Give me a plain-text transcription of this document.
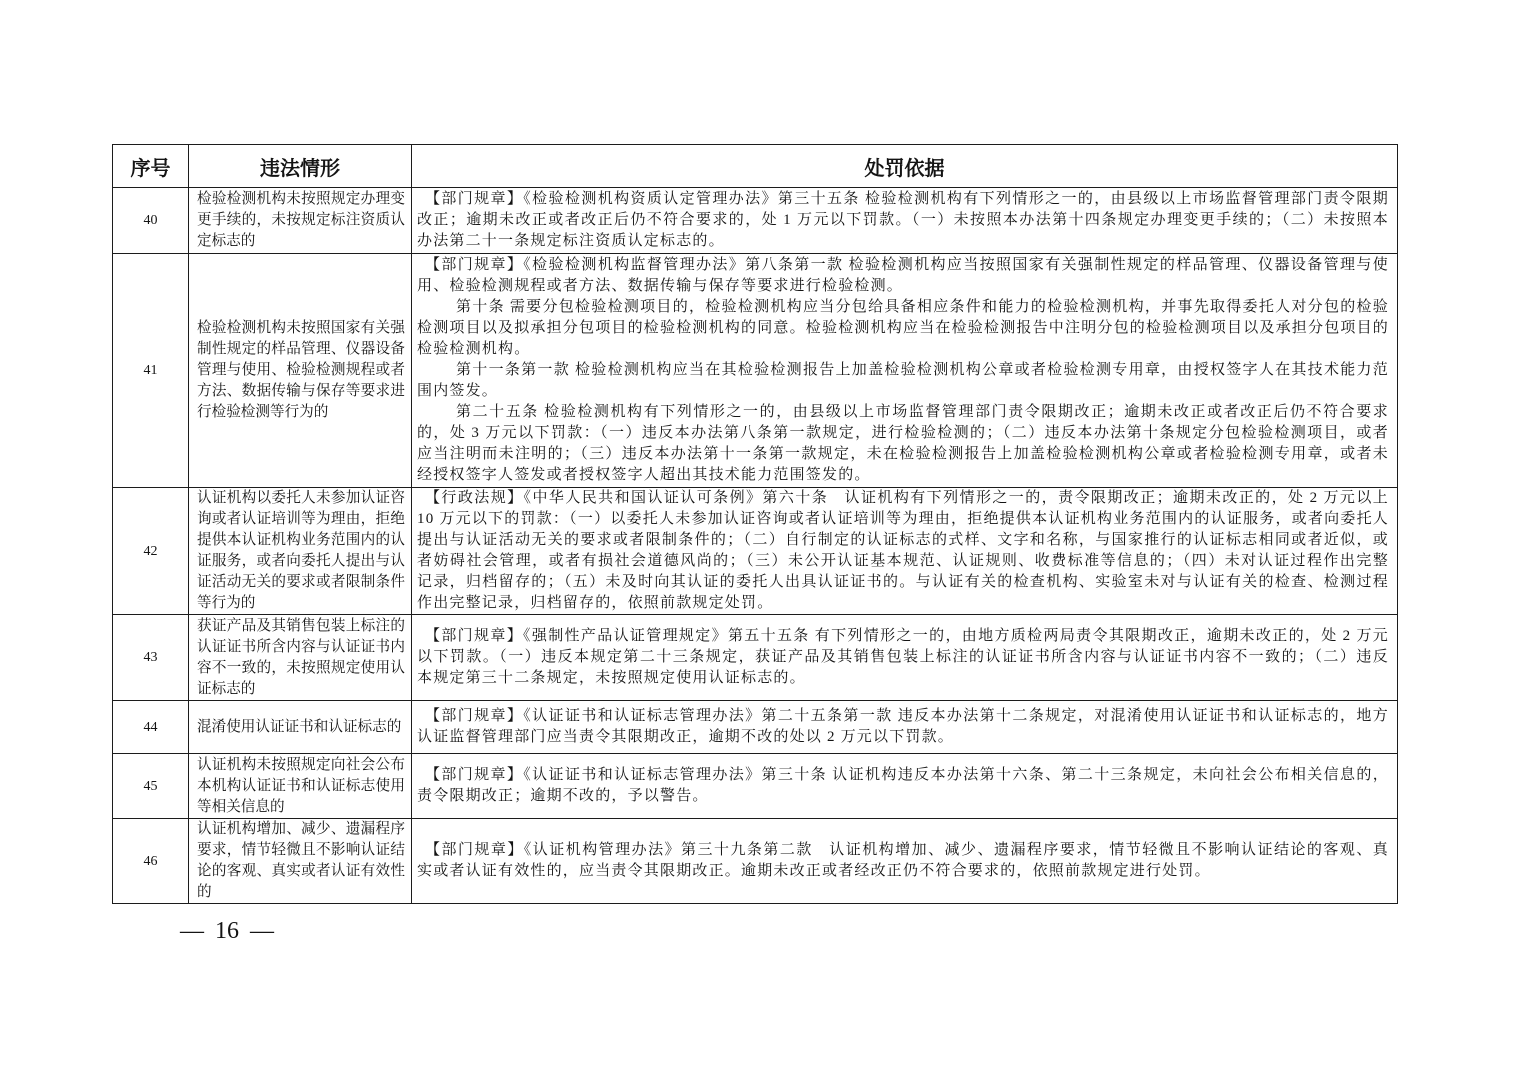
序号	违法情形	处罚依据
40	检验检测机构未按照规定办理变更手续的，未按规定标注资质认定标志的	【部门规章】《检验检测机构资质认定管理办法》第三十五条 检验检测机构有下列情形之一的，由县级以上市场监督管理部门责令限期改正；逾期未改正或者改正后仍不符合要求的，处 1 万元以下罚款。（一）未按照本办法第十四条规定办理变更手续的；（二）未按照本办法第二十一条规定标注资质认定标志的。

41	检验检测机构未按照国家有关强制性规定的样品管理、仪器设备管理与使用、检验检测规程或者方法、数据传输与保存等要求进行检验检测等行为的	【部门规章】《检验检测机构监督管理办法》第八条第一款 检验检测机构应当按照国家有关强制性规定的样品管理、仪器设备管理与使用、检验检测规程或者方法、数据传输与保存等要求进行检验检测。

第十条 需要分包检验检测项目的，检验检测机构应当分包给具备相应条件和能力的检验检测机构，并事先取得委托人对分包的检验检测项目以及拟承担分包项目的检验检测机构的同意。检验检测机构应当在检验检测报告中注明分包的检验检测项目以及承担分包项目的检验检测机构。

第十一条第一款 检验检测机构应当在其检验检测报告上加盖检验检测机构公章或者检验检测专用章，由授权签字人在其技术能力范围内签发。

第二十五条 检验检测机构有下列情形之一的，由县级以上市场监督管理部门责令限期改正；逾期未改正或者改正后仍不符合要求的，处 3 万元以下罚款：（一）违反本办法第八条第一款规定，进行检验检测的；（二）违反本办法第十条规定分包检验检测项目，或者应当注明而未注明的；（三）违反本办法第十一条第一款规定，未在检验检测报告上加盖检验检测机构公章或者检验检测专用章，或者未经授权签字人签发或者授权签字人超出其技术能力范围签发的。

42	认证机构以委托人未参加认证咨询或者认证培训等为理由，拒绝提供本认证机构业务范围内的认证服务，或者向委托人提出与认证活动无关的要求或者限制条件等行为的	【行政法规】《中华人民共和国认证认可条例》第六十条　认证机构有下列情形之一的，责令限期改正；逾期未改正的，处 2 万元以上 10 万元以下的罚款：（一）以委托人未参加认证咨询或者认证培训等为理由，拒绝提供本认证机构业务范围内的认证服务，或者向委托人提出与认证活动无关的要求或者限制条件的；（二）自行制定的认证标志的式样、文字和名称，与国家推行的认证标志相同或者近似，或者妨碍社会管理，或者有损社会道德风尚的；（三）未公开认证基本规范、认证规则、收费标准等信息的；（四）未对认证过程作出完整记录，归档留存的；（五）未及时向其认证的委托人出具认证证书的。与认证有关的检查机构、实验室未对与认证有关的检查、检测过程作出完整记录，归档留存的，依照前款规定处罚。

43	获证产品及其销售包装上标注的认证证书所含内容与认证证书内容不一致的，未按照规定使用认证标志的	【部门规章】《强制性产品认证管理规定》第五十五条 有下列情形之一的，由地方质检两局责令其限期改正，逾期未改正的，处 2 万元以下罚款。（一）违反本规定第二十三条规定，获证产品及其销售包装上标注的认证证书所含内容与认证证书内容不一致的；（二）违反本规定第三十二条规定，未按照规定使用认证标志的。

44	混淆使用认证证书和认证标志的	【部门规章】《认证证书和认证标志管理办法》第二十五条第一款 违反本办法第十二条规定，对混淆使用认证证书和认证标志的，地方认证监督管理部门应当责令其限期改正，逾期不改的处以 2 万元以下罚款。

45	认证机构未按照规定向社会公布本机构认证证书和认证标志使用等相关信息的	【部门规章】《认证证书和认证标志管理办法》第三十条 认证机构违反本办法第十六条、第二十三条规定，未向社会公布相关信息的，责令限期改正；逾期不改的，予以警告。

46	认证机构增加、减少、遗漏程序要求，情节轻微且不影响认证结论的客观、真实或者认证有效性的	【部门规章】《认证机构管理办法》第三十九条第二款　认证机构增加、减少、遗漏程序要求，情节轻微且不影响认证结论的客观、真实或者认证有效性的，应当责令其限期改正。逾期未改正或者经改正仍不符合要求的，依照前款规定进行处罚。

— 16 —
